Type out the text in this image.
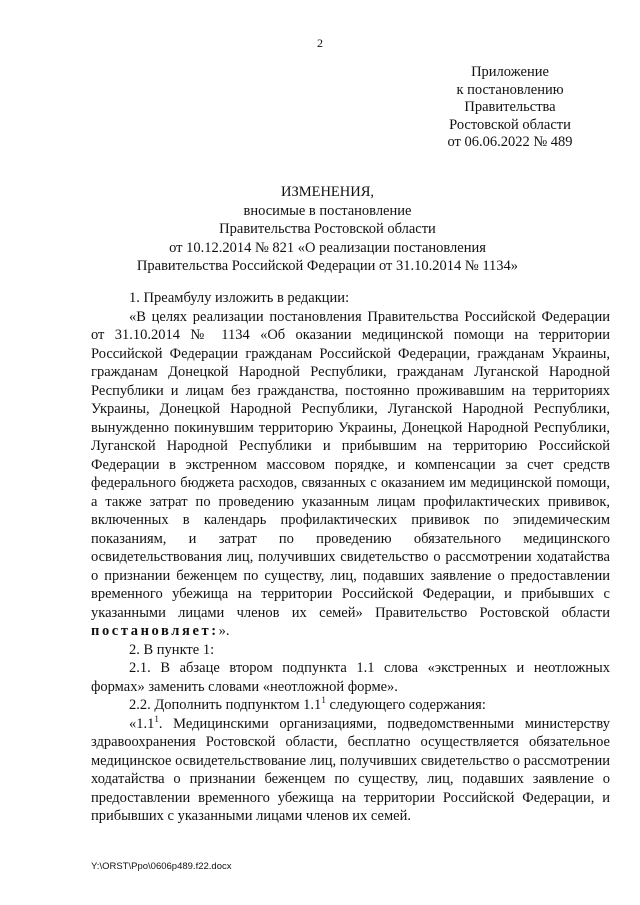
2
Приложение
к постановлению
Правительства
Ростовской области
от 06.06.2022 № 489
ИЗМЕНЕНИЯ,
вносимые в постановление
Правительства Ростовской области
от 10.12.2014 № 821 «О реализации постановления
Правительства Российской Федерации от 31.10.2014 № 1134»

1. Преамбулу изложить в редакции:

«В целях реализации постановления Правительства Российской Федерации от 31.10.2014 № 1134 «Об оказании медицинской помощи на территории Российской Федерации гражданам Российской Федерации, гражданам Украины, гражданам Донецкой Народной Республики, гражданам Луганской Народной Республики и лицам без гражданства, постоянно проживавшим на территориях Украины, Донецкой Народной Республики, Луганской Народной Республики, вынужденно покинувшим территорию Украины, Донецкой Народной Республики, Луганской Народной Республики и прибывшим на территорию Российской Федерации в экстренном массовом порядке, и компенсации за счет средств федерального бюджета расходов, связанных с оказанием им медицинской помощи, а также затрат по проведению указанным лицам профилактических прививок, включенных в календарь профилактических прививок по эпидемическим показаниям, и затрат по проведению обязательного медицинского освидетельствования лиц, получивших свидетельство о рассмотрении ходатайства о признании беженцем по существу, лиц, подавших заявление о предоставлении временного убежища на территории Российской Федерации, и прибывших с указанными лицами членов их семей» Правительство Ростовской области постановляет:».

2. В пункте 1:

2.1. В абзаце втором подпункта 1.1 слова «экстренных и неотложных формах» заменить словами «неотложной форме».

2.2. Дополнить подпунктом $1.1^1$ следующего содержания:

«$1.1^1$. Медицинскими организациями, подведомственными министерству здравоохранения Ростовской области, бесплатно осуществляется обязательное медицинское освидетельствование лиц, получивших свидетельство о рассмотрении ходатайства о признании беженцем по существу, лиц, подавших заявление о предоставлении временного убежища на территории Российской Федерации, и прибывших с указанными лицами членов их семей.

Y:\ORST\Ppo\0606p489.f22.docx
